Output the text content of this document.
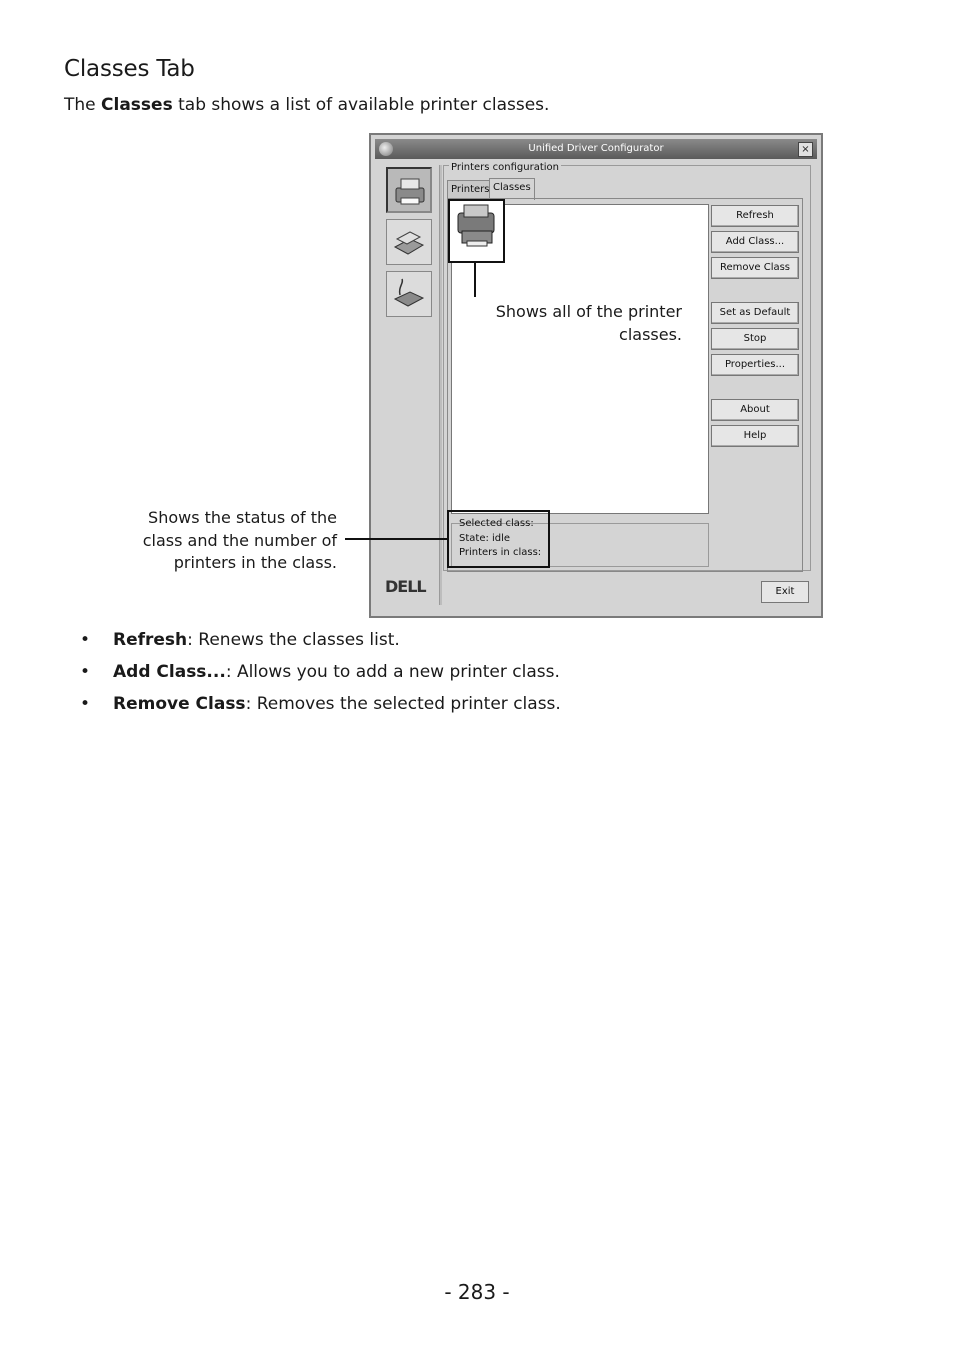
Classes Tab

The Classes tab shows a list of available printer classes.

Unified Driver Configurator	×
Printers configuration
Printers Classes
Refresh
Add Class...
Remove Class
Set as Default
Stop
Properties...
About
Help
Selected class:
State: idle
Printers in class:
DELL	Exit
Shows all of the printer classes.
Shows the status of the class and the number of printers in the class.

• Refresh: Renews the classes list.

• Add Class...: Allows you to add a new printer class.

• Remove Class: Removes the selected printer class.

- 283 -
